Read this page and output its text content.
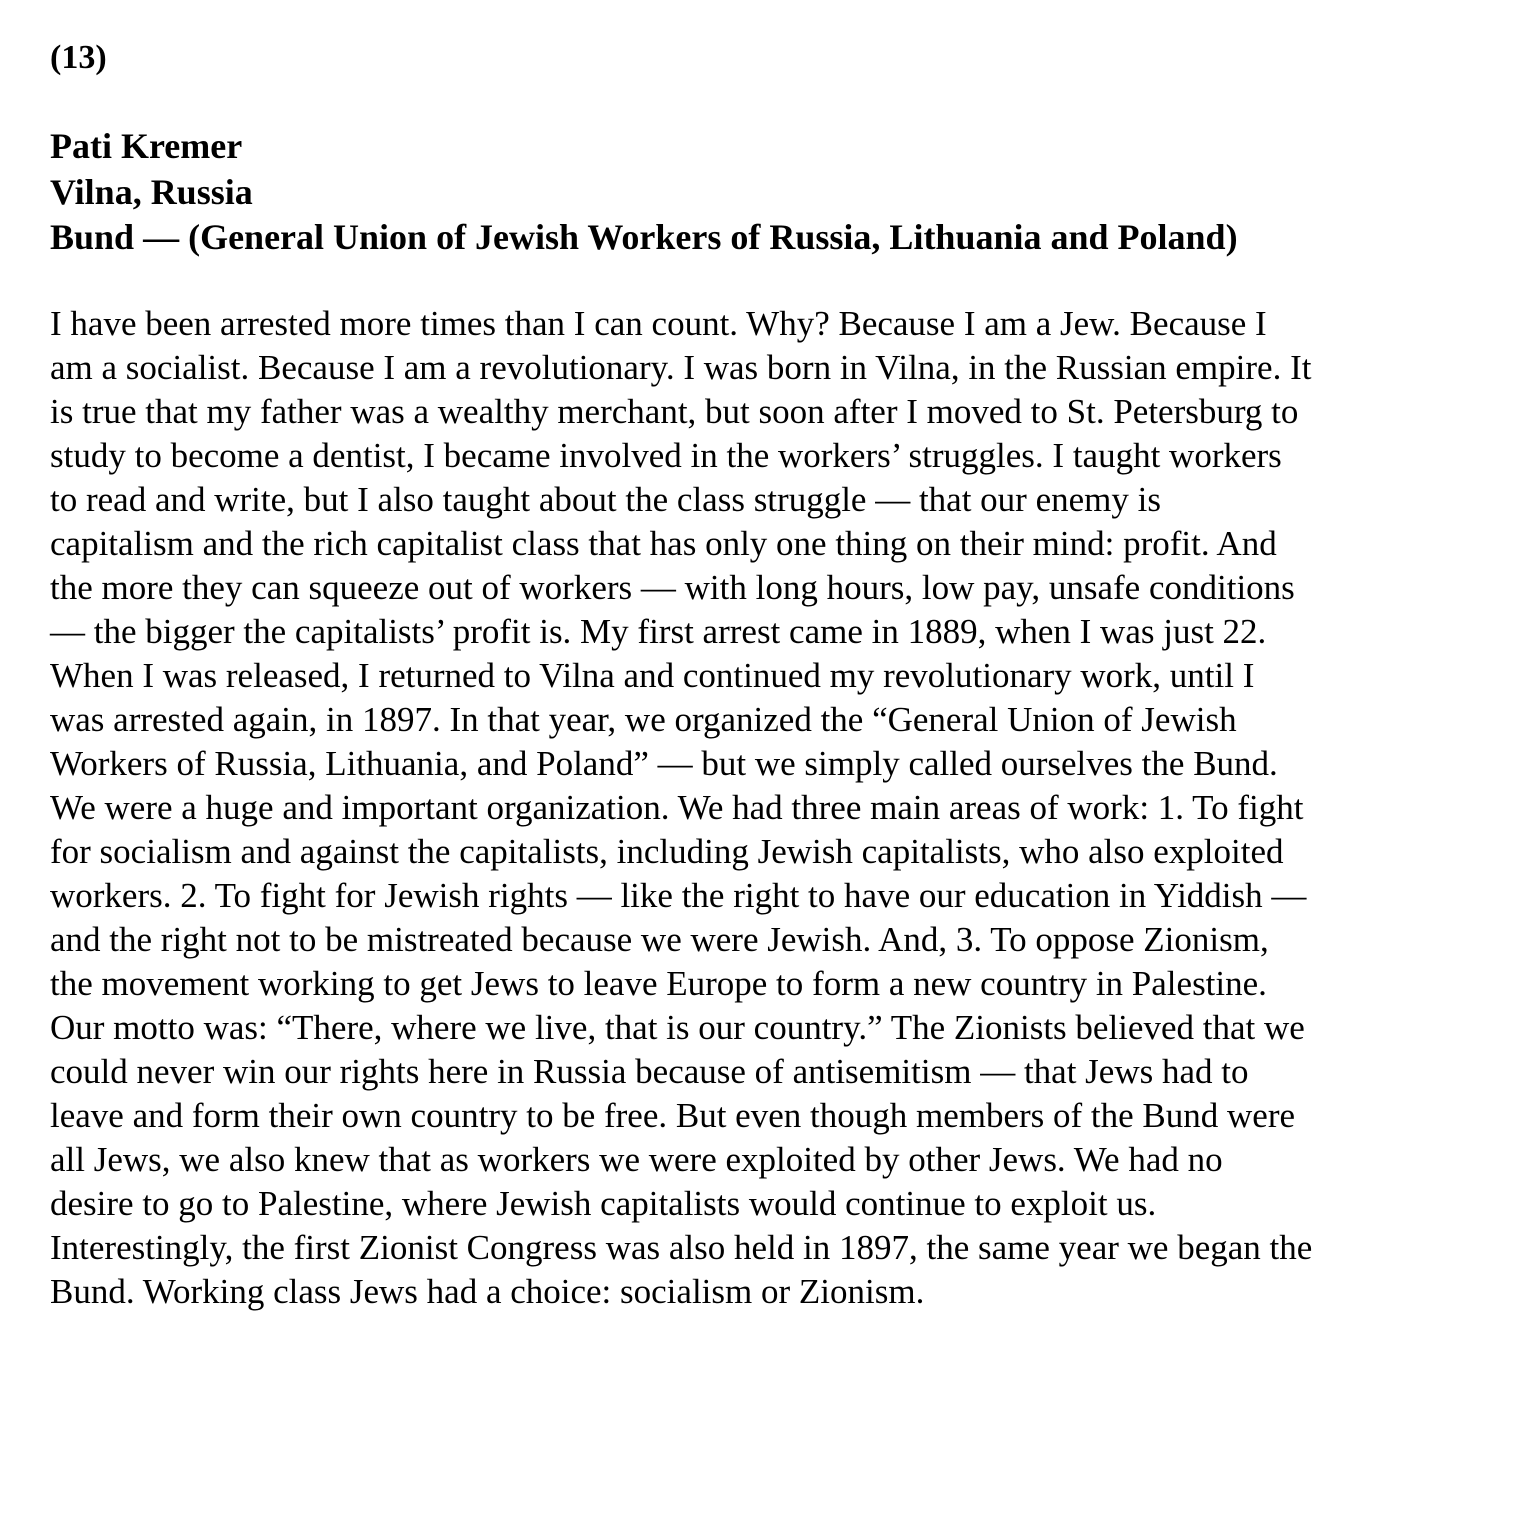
(13)
Pati Kremer
Vilna, Russia
Bund — (General Union of Jewish Workers of Russia, Lithuania and Poland)
I have been arrested more times than I can count. Why? Because I am a Jew. Because I
am a socialist. Because I am a revolutionary. I was born in Vilna, in the Russian empire. It
is true that my father was a wealthy merchant, but soon after I moved to St. Petersburg to
study to become a dentist, I became involved in the workers’ struggles. I taught workers
to read and write, but I also taught about the class struggle — that our enemy is
capitalism and the rich capitalist class that has only one thing on their mind: profit. And
the more they can squeeze out of workers — with long hours, low pay, unsafe conditions
— the bigger the capitalists’ profit is. My first arrest came in 1889, when I was just 22.
When I was released, I returned to Vilna and continued my revolutionary work, until I
was arrested again, in 1897. In that year, we organized the “General Union of Jewish
Workers of Russia, Lithuania, and Poland” — but we simply called ourselves the Bund.
We were a huge and important organization. We had three main areas of work: 1. To fight
for socialism and against the capitalists, including Jewish capitalists, who also exploited
workers. 2. To fight for Jewish rights — like the right to have our education in Yiddish —
and the right not to be mistreated because we were Jewish. And, 3. To oppose Zionism,
the movement working to get Jews to leave Europe to form a new country in Palestine.
Our motto was: “There, where we live, that is our country.” The Zionists believed that we
could never win our rights here in Russia because of antisemitism — that Jews had to
leave and form their own country to be free. But even though members of the Bund were
all Jews, we also knew that as workers we were exploited by other Jews. We had no
desire to go to Palestine, where Jewish capitalists would continue to exploit us.
Interestingly, the first Zionist Congress was also held in 1897, the same year we began the
Bund. Working class Jews had a choice: socialism or Zionism.
